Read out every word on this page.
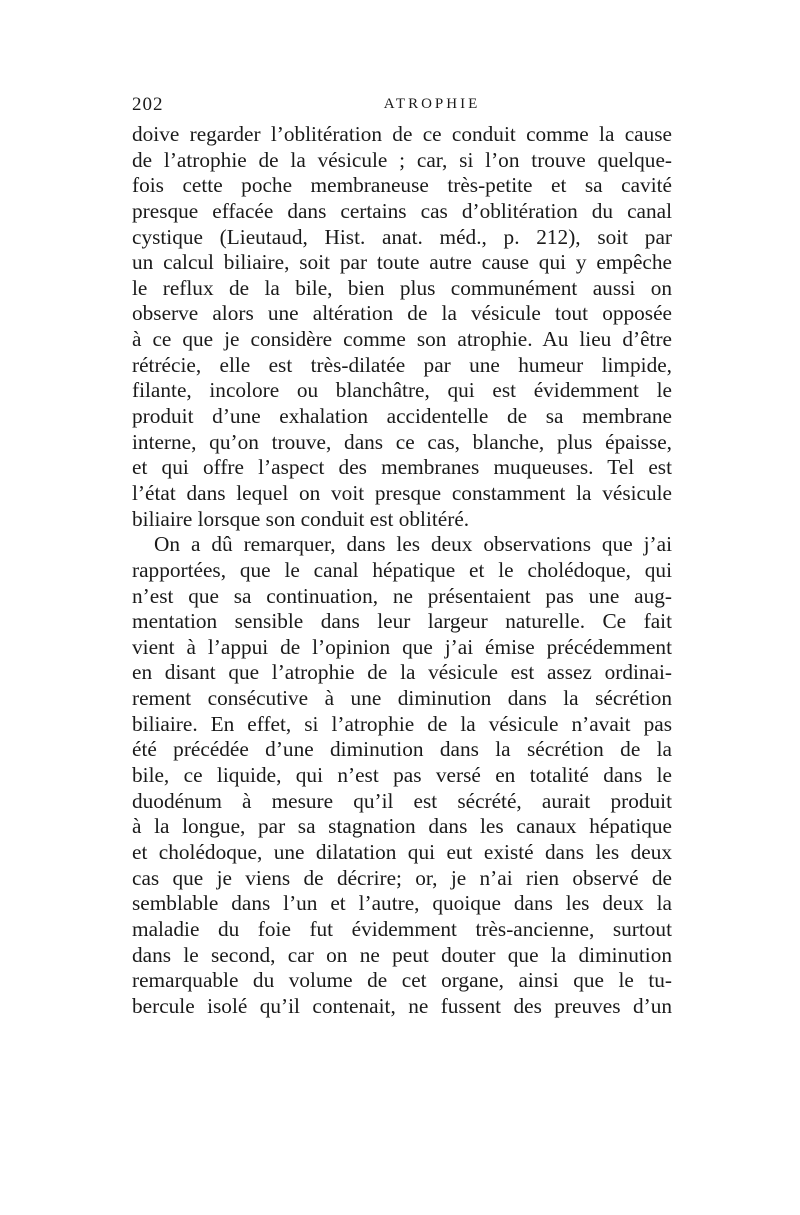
202	ATROPHIE
doive regarder l’oblitération de ce conduit comme la cause
de l’atrophie de la vésicule ; car, si l’on trouve quelque-
fois cette poche membraneuse très-petite et sa cavité
presque effacée dans certains cas d’oblitération du canal
cystique (Lieutaud, Hist. anat. méd., p. 212), soit par
un calcul biliaire, soit par toute autre cause qui y empêche
le reflux de la bile, bien plus communément aussi on
observe alors une altération de la vésicule tout opposée
à ce que je considère comme son atrophie. Au lieu d’être
rétrécie, elle est très-dilatée par une humeur limpide,
filante, incolore ou blanchâtre, qui est évidemment le
produit d’une exhalation accidentelle de sa membrane
interne, qu’on trouve, dans ce cas, blanche, plus épaisse,
et qui offre l’aspect des membranes muqueuses. Tel est
l’état dans lequel on voit presque constamment la vésicule
biliaire lorsque son conduit est oblitéré.
On a dû remarquer, dans les deux observations que j’ai
rapportées, que le canal hépatique et le cholédoque, qui
n’est que sa continuation, ne présentaient pas une aug-
mentation sensible dans leur largeur naturelle. Ce fait
vient à l’appui de l’opinion que j’ai émise précédemment
en disant que l’atrophie de la vésicule est assez ordinai-
rement consécutive à une diminution dans la sécrétion
biliaire. En effet, si l’atrophie de la vésicule n’avait pas
été précédée d’une diminution dans la sécrétion de la
bile, ce liquide, qui n’est pas versé en totalité dans le
duodénum à mesure qu’il est sécrété, aurait produit
à la longue, par sa stagnation dans les canaux hépatique
et cholédoque, une dilatation qui eut existé dans les deux
cas que je viens de décrire; or, je n’ai rien observé de
semblable dans l’un et l’autre, quoique dans les deux la
maladie du foie fut évidemment très-ancienne, surtout
dans le second, car on ne peut douter que la diminution
remarquable du volume de cet organe, ainsi que le tu-
bercule isolé qu’il contenait, ne fussent des preuves d’un
